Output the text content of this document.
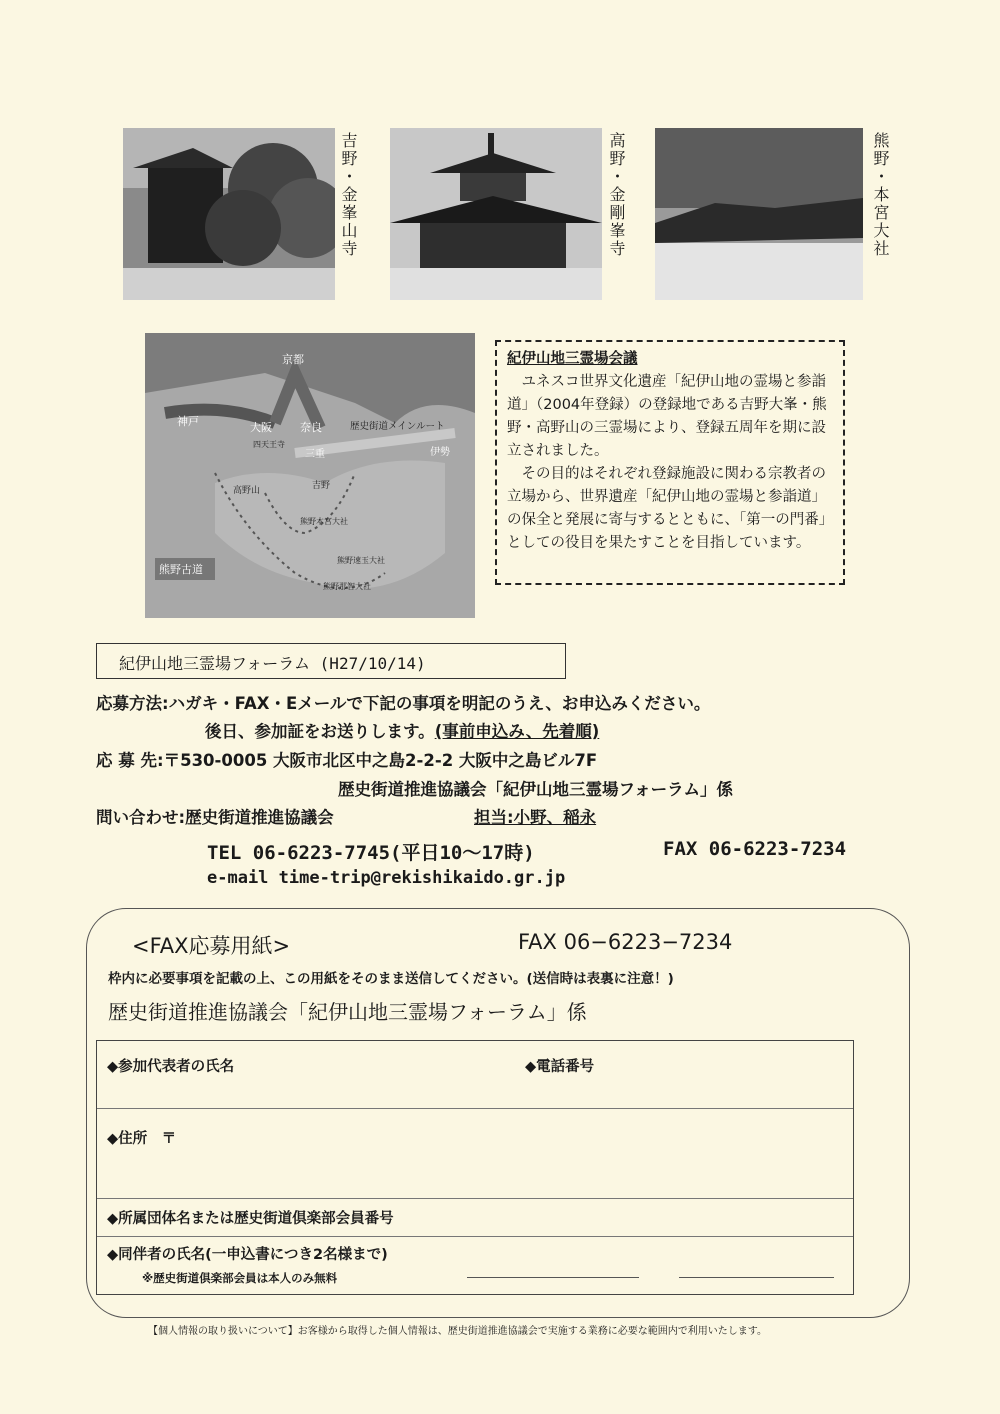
吉野・金峯山寺	高野・金剛峯寺	熊野・本宮大社
京都
神戸	大阪	奈良	歴史街道メインルート
四天王寺
三重	伊勢
高野山	吉野
熊野本宮大社
熊野速玉大社
熊野那智大社
熊野古道

紀伊山地三霊場会議

ユネスコ世界文化遺産「紀伊山地の霊場と参詣道」（2004年登録）の登録地である吉野大峯・熊野・高野山の三霊場により、登録五周年を期に設立されました。

その目的はそれぞれ登録施設に関わる宗教者の立場から、世界遺産「紀伊山地の霊場と参詣道」の保全と発展に寄与するとともに、「第一の門番」としての役目を果たすことを目指しています。

紀伊山地三霊場フォーラム (H27/10/14)
応募方法:ハガキ・FAX・Eメールで下記の事項を明記のうえ、お申込みください。
後日、参加証をお送りします。(事前申込み、先着順)
応 募 先:〒530-0005 大阪市北区中之島2-2-2 大阪中之島ビル7F
歴史街道推進協議会「紀伊山地三霊場フォーラム」係
問い合わせ:歴史街道推進協議会	担当:小野、稲永
TEL 06-6223-7745(平日10～17時)	FAX 06-6223-7234
e-mail time-trip@rekishikaido.gr.jp
<FAX応募用紙>	FAX 06−6223−7234
枠内に必要事項を記載の上、この用紙をそのまま送信してください。(送信時は表裏に注意！)
歴史街道推進協議会「紀伊山地三霊場フォーラム」係
◆参加代表者の氏名	◆電話番号
◆住所　〒
◆所属団体名または歴史街道倶楽部会員番号
◆同伴者の氏名(一申込書につき2名様まで)
※歴史街道倶楽部会員は本人のみ無料
【個人情報の取り扱いについて】お客様から取得した個人情報は、歴史街道推進協議会で実施する業務に必要な範囲内で利用いたします。
